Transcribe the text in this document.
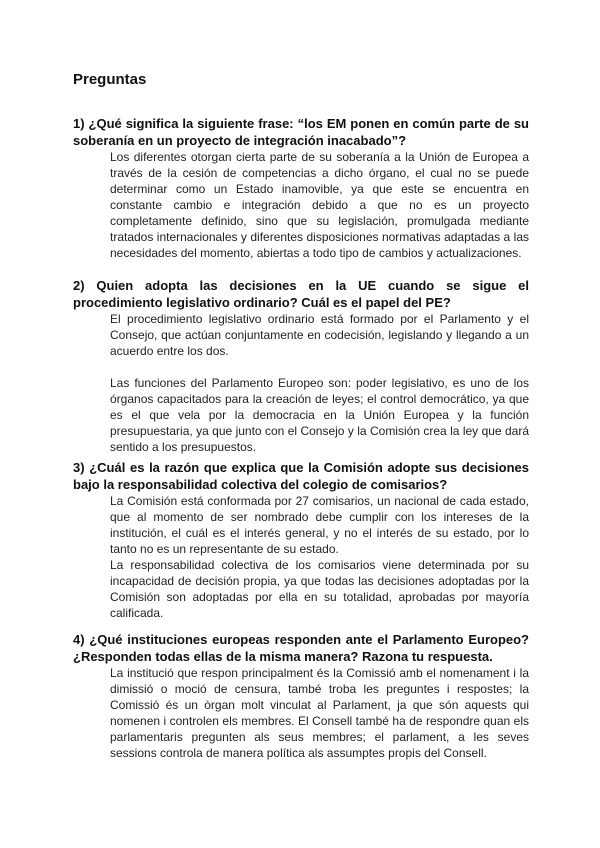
Preguntas

1) ¿Qué significa la siguiente frase: “los EM ponen en común parte de su soberanía en un proyecto de integración inacabado”?

Los diferentes otorgan cierta parte de su soberanía a la Unión de Europea a través de la cesión de competencias a dicho órgano, el cual no se puede determinar como un Estado inamovible, ya que este se encuentra en constante cambio e integración debido a que no es un proyecto completamente definido, sino que su legislación, promulgada mediante tratados internacionales y diferentes disposiciones normativas adaptadas a las necesidades del momento, abiertas a todo tipo de cambios y actualizaciones.

2) Quien adopta las decisiones en la UE cuando se sigue el procedimiento legislativo ordinario? Cuál es el papel del PE?

El procedimiento legislativo ordinario está formado por el Parlamento y el Consejo, que actúan conjuntamente en codecisión, legislando y llegando a un acuerdo entre los dos.

Las funciones del Parlamento Europeo son: poder legislativo, es uno de los órganos capacitados para la creación de leyes; el control democrático, ya que es el que vela por la democracia en la Unión Europea y la función presupuestaria, ya que junto con el Consejo y la Comisión crea la ley que dará sentido a los presupuestos.

3) ¿Cuál es la razón que explica que la Comisión adopte sus decisiones bajo la responsabilidad colectiva del colegio de comisarios?

La Comisión está conformada por 27 comisarios, un nacional de cada estado, que al momento de ser nombrado debe cumplir con los intereses de la institución, el cuál es el interés general, y no el interés de su estado, por lo tanto no es un representante de su estado.

La responsabilidad colectiva de los comisarios viene determinada por su incapacidad de decisión propia, ya que todas las decisiones adoptadas por la Comisión son adoptadas por ella en su totalidad, aprobadas por mayoría calificada.

4) ¿Qué instituciones europeas responden ante el Parlamento Europeo? ¿Responden todas ellas de la misma manera? Razona tu respuesta.

La institució que respon principalment és la Comissió amb el nomenament i la dimissió o moció de censura, també troba les preguntes i respostes; la Comissió és un òrgan molt vinculat al Parlament, ja que són aquests qui nomenen i controlen els membres. El Consell també ha de respondre quan els parlamentaris pregunten als seus membres; el parlament, a les seves sessions controla de manera política als assumptes propis del Consell.
